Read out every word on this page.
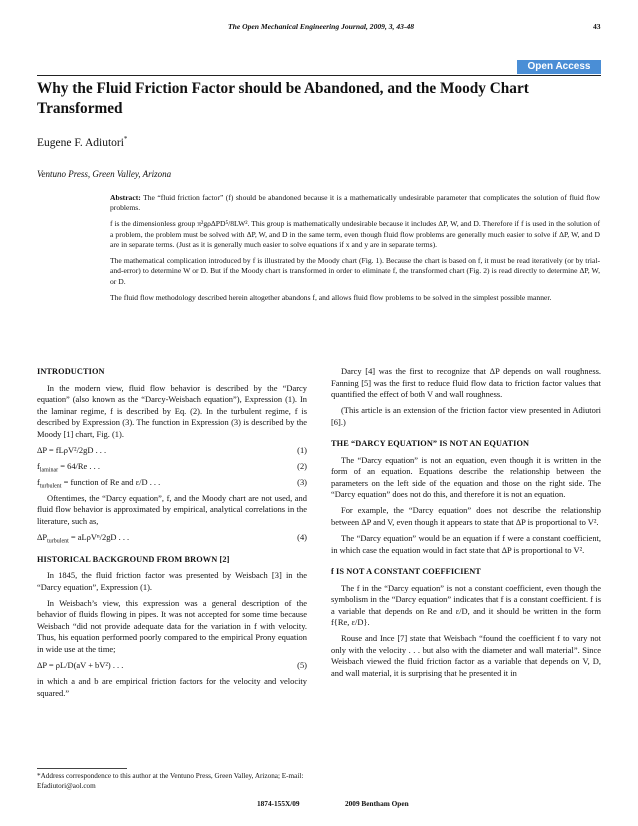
The Open Mechanical Engineering Journal, 2009, 3, 43-48	43
Open Access
Why the Fluid Friction Factor should be Abandoned, and the Moody Chart Transformed
Eugene F. Adiutori*
Ventuno Press, Green Valley, Arizona

Abstract: The “fluid friction factor” (f) should be abandoned because it is a mathematically undesirable parameter that complicates the solution of fluid flow problems.

f is the dimensionless group π²gρΔPD⁵/8LW². This group is mathematically undesirable because it includes ΔP, W, and D. Therefore if f is used in the solution of a problem, the problem must be solved with ΔP, W, and D in the same term, even though fluid flow problems are generally much easier to solve if ΔP, W, and D are in separate terms. (Just as it is generally much easier to solve equations if x and y are in separate terms).

The mathematical complication introduced by f is illustrated by the Moody chart (Fig. 1). Because the chart is based on f, it must be read iteratively (or by trial-and-error) to determine W or D. But if the Moody chart is transformed in order to eliminate f, the transformed chart (Fig. 2) is read directly to determine ΔP, W, or D.

The fluid flow methodology described herein altogether abandons f, and allows fluid flow problems to be solved in the simplest possible manner.

INTRODUCTION

In the modern view, fluid flow behavior is described by the “Darcy equation” (also known as the “Darcy-Weisbach equation”), Expression (1). In the laminar regime, f is described by Eq. (2). In the turbulent regime, f is described by Expression (3). The function in Expression (3) is described by the Moody [1] chart, Fig. (1).

ΔP = fLρV²/2gD . . .	(1)

$f_{laminar} = 64/Re$ . . .	(2)

$f_{turbulent}$ = function of Re and ε/D . . .	(3)

Oftentimes, the “Darcy equation”, f, and the Moody chart are not used, and fluid flow behavior is approximated by empirical, analytical correlations in the literature, such as,

$\Delta P_{turbulent} = aL\rho V^n/2gD$ . . .	(4)

HISTORICAL BACKGROUND FROM BROWN [2]

In 1845, the fluid friction factor was presented by Weisbach [3] in the “Darcy equation”, Expression (1).

In Weisbach’s view, this expression was a general description of the behavior of fluids flowing in pipes. It was not accepted for some time because Weisbach “did not provide adequate data for the variation in f with velocity. Thus, his equation performed poorly compared to the empirical Prony equation in wide use at the time;

ΔP = ρL/D(aV + bV²) . . .	(5)

in which a and b are empirical friction factors for the velocity and velocity squared.”

*Address correspondence to this author at the Ventuno Press, Green Valley, Arizona; E-mail: Efadiutori@aol.com

Darcy [4] was the first to recognize that ΔP depends on wall roughness. Fanning [5] was the first to reduce fluid flow data to friction factor values that quantified the effect of both V and wall roughness.

(This article is an extension of the friction factor view presented in Adiutori [6].)

THE “DARCY EQUATION” IS NOT AN EQUATION

The “Darcy equation” is not an equation, even though it is written in the form of an equation. Equations describe the relationship between the parameters on the left side of the equation and those on the right side. The “Darcy equation” does not do this, and therefore it is not an equation.

For example, the “Darcy equation” does not describe the relationship between ΔP and V, even though it appears to state that ΔP is proportional to V².

The “Darcy equation” would be an equation if f were a constant coefficient, in which case the equation would in fact state that ΔP is proportional to V².

f IS NOT A CONSTANT COEFFICIENT

The f in the “Darcy equation” is not a constant coefficient, even though the symbolism in the “Darcy equation” indicates that f is a constant coefficient. f is a variable that depends on Re and ε/D, and it should be written in the form f{Re, ε/D}.

Rouse and Ince [7] state that Weisbach “found the coefficient f to vary not only with the velocity . . . but also with the diameter and wall material”. Since Weisbach viewed the fluid friction factor as a variable that depends on V, D, and wall material, it is surprising that he presented it in

1874-155X/09	2009 Bentham Open
